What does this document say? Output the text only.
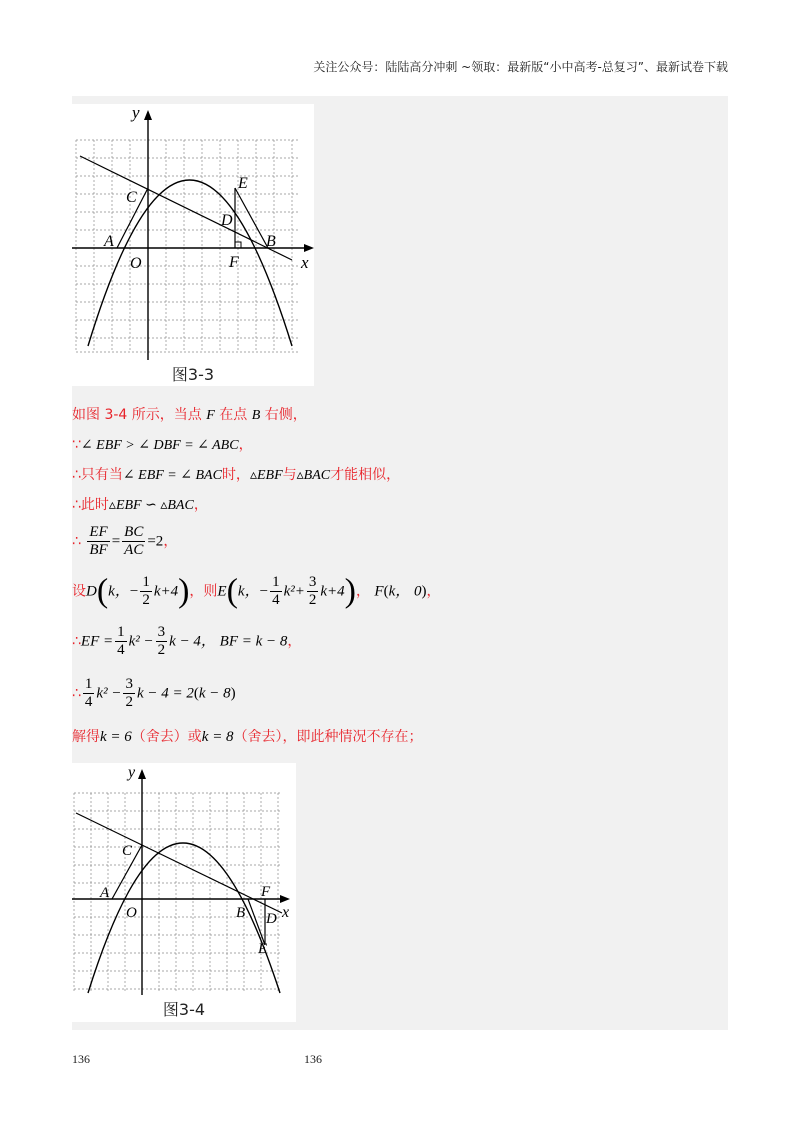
关注公众号：陆陆高分冲刺 ~领取：最新版“小中高考-总复习”、最新试卷下载
y
x
O
A	B
C
D
E
F
图3-3
如图 3-4 所示，当点 F 在点 B 右侧，
∵∠ EBF > ∠ DBF = ∠ ABC，
∴只有当∠ EBF = ∠ BAC时，▵EBF与▵BAC才能相似，
∴此时▵EBF ∽ ▵BAC，
∴ $\frac{EF}{BF} = \frac{BC}{AC} =2$，
设D(k，− $\frac{1}{2} k+4$)，则E(k，− $\frac{1}{4} k^2+ \frac{3}{2} k+4$)， F(k， 0)，
∴EF = $\frac{1}{4} k^2 - \frac{3}{2}$ k − 4， BF = k − 8，
∴ $\frac{1}{4} k^2 - \frac{3}{2}$ k − 4 = 2(k − 8)
解得k = 6（舍去）或k = 8（舍去），即此种情况不存在；
y
x
O
A
B
C
D
E
F
图3-4
136	136
